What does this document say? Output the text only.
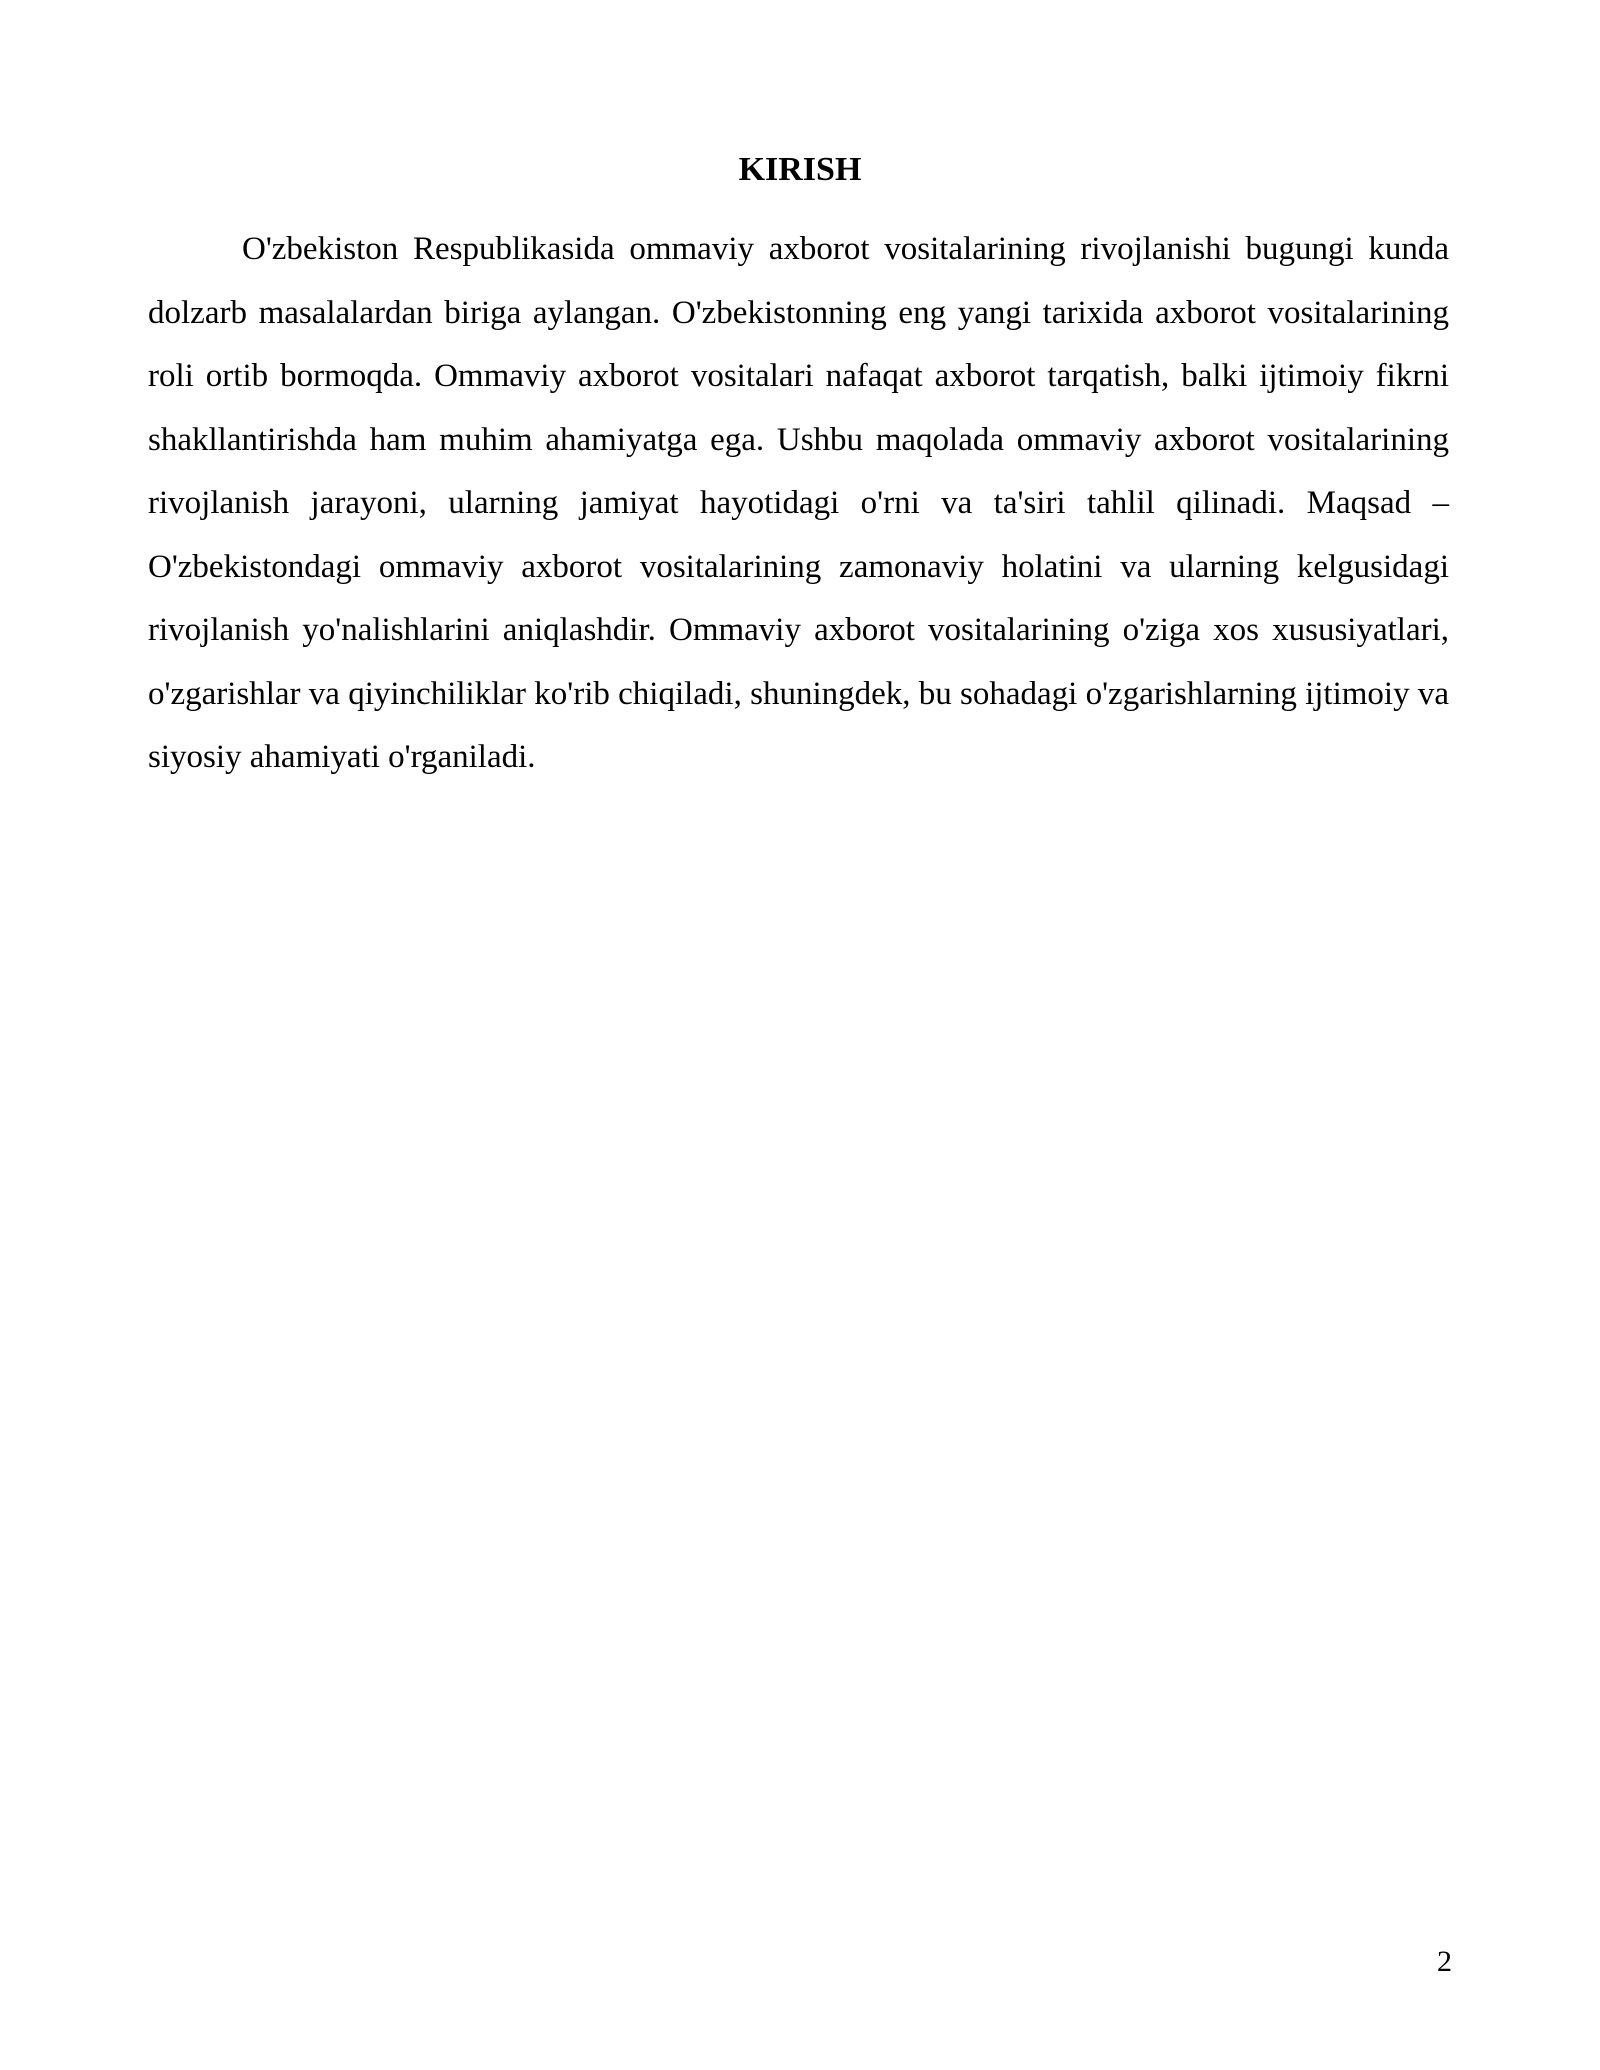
KIRISH

O'zbekiston Respublikasida ommaviy axborot vositalarining rivojlanishi bugungi kunda dolzarb masalalardan biriga aylangan. O'zbekistonning eng yangi tarixida axborot vositalarining roli ortib bormoqda. Ommaviy axborot vositalari nafaqat axborot tarqatish, balki ijtimoiy fikrni shakllantirishda ham muhim ahamiyatga ega. Ushbu maqolada ommaviy axborot vositalarining rivojlanish jarayoni, ularning jamiyat hayotidagi o'rni va ta'siri tahlil qilinadi. Maqsad – O'zbekistondagi ommaviy axborot vositalarining zamonaviy holatini va ularning kelgusidagi rivojlanish yo'nalishlarini aniqlashdir. Ommaviy axborot vositalarining o'ziga xos xususiyatlari, o'zgarishlar va qiyinchiliklar ko'rib chiqiladi, shuningdek, bu sohadagi o'zgarishlarning ijtimoiy va siyosiy ahamiyati o'rganiladi.

2
